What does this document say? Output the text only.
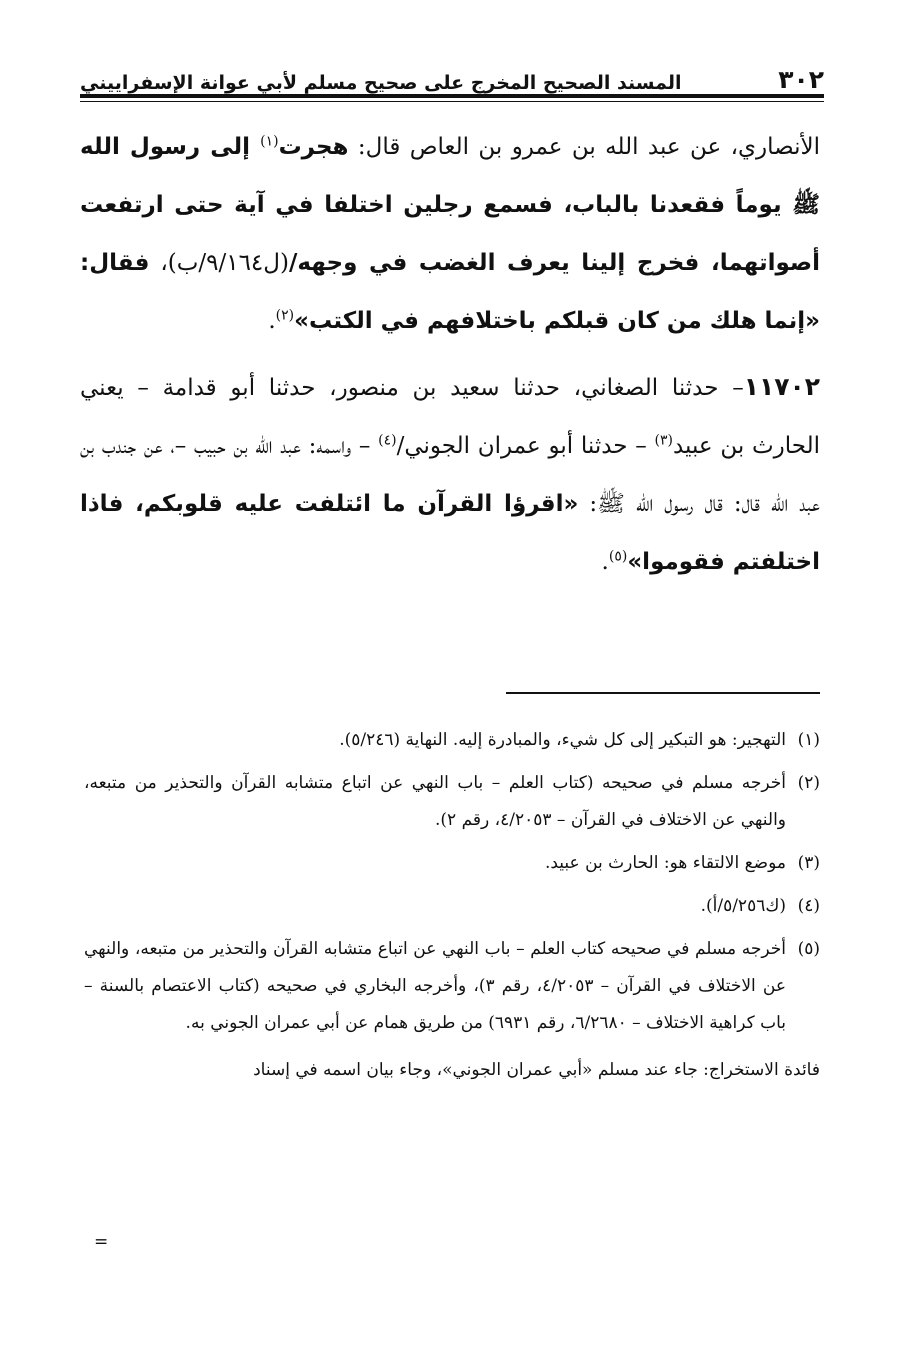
٣٠٢
المسند الصحيح المخرج على صحيح مسلم لأبي عوانة الإسفراييني

الأنصاري، عن عبد الله بن عمرو بن العاص قال: هجرت$^{(١)}$ إلى رسول الله ﷺ يوماً فقعدنا بالباب، فسمع رجلين اختلفا في آية حتى ارتفعت أصواتهما، فخرج إلينا يعرف الغضب في وجهه/(ل٩/١٦٤/ب)، فقال: «إنما هلك من كان قبلكم باختلافهم في الكتب»$^{(٢)}$.

١١٧٠٢– حدثنا الصغاني، حدثنا سعيد بن منصور، حدثنا أبو قدامة – يعني الحارث بن عبيد$^{(٣)}$ – حدثنا أبو عمران الجوني/$^{(٤)}$ – واسمه: عبد الله بن حبيب –، عن جندب بن عبد الله قال: قال رسول الله ﷺ: «اقرؤا القرآن ما ائتلفت عليه قلوبكم، فاذا اختلفتم فقوموا»$^{(٥)}$.

(١)التهجير: هو التبكير إلى كل شيء، والمبادرة إليه. النهاية (٥/٢٤٦).

(٢)أخرجه مسلم في صحيحه (كتاب العلم – باب النهي عن اتباع متشابه القرآن والتحذير من متبعه، والنهي عن الاختلاف في القرآن – ٤/٢٠٥٣، رقم ٢).

(٣)موضع الالتقاء هو: الحارث بن عبيد.

(٤)(ك٥/٢٥٦/أ).

(٥)أخرجه مسلم في صحيحه كتاب العلم – باب النهي عن اتباع متشابه القرآن والتحذير من متبعه، والنهي عن الاختلاف في القرآن – ٤/٢٠٥٣، رقم ٣)، وأخرجه البخاري في صحيحه (كتاب الاعتصام بالسنة – باب كراهية الاختلاف – ٦/٢٦٨٠، رقم ٦٩٣١) من طريق همام عن أبي عمران الجوني به.

فائدة الاستخراج: جاء عند مسلم «أبي عمران الجوني»، وجاء بيان اسمه في إسناد

=
